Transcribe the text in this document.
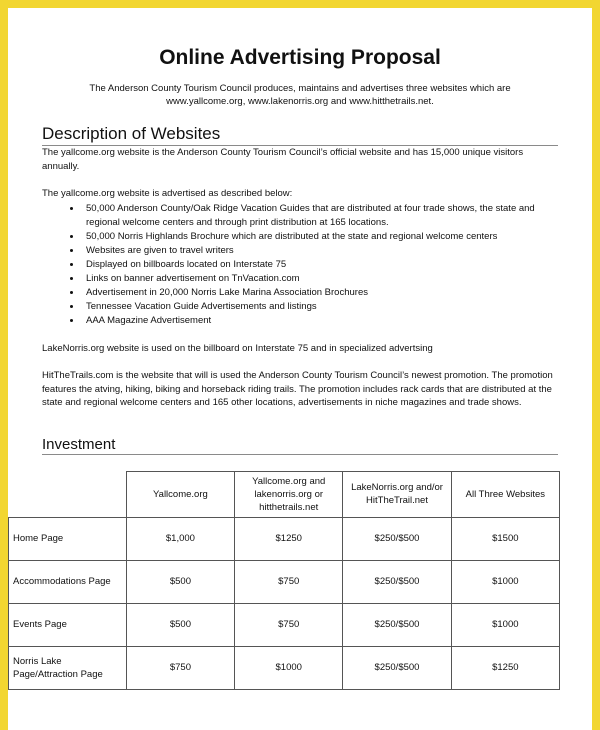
Online Advertising Proposal
The Anderson County Tourism Council produces, maintains and advertises three websites which are
www.yallcome.org, www.lakenorris.org and www.hitthetrails.net.
Description of Websites

The yallcome.org website is the Anderson County Tourism Council’s official website and has 15,000 unique visitors annually.

The yallcome.org website is advertised as described below:

• 50,000 Anderson County/Oak Ridge Vacation Guides that are distributed at four trade shows, the state and regional welcome centers and through print distribution at 165 locations.
• 50,000 Norris Highlands Brochure which are distributed at the state and regional welcome centers
• Websites are given to travel writers
• Displayed on billboards located on Interstate 75
• Links on banner advertisement on TnVacation.com
• Advertisement in 20,000 Norris Lake Marina Association Brochures
• Tennessee Vacation Guide Advertisements and listings
• AAA Magazine Advertisement

LakeNorris.org website is used on the billboard on Interstate 75 and in specialized advertsing

HitTheTrails.com is the website that will is used the Anderson County Tourism Council’s newest promotion. The promotion features the atving, hiking, biking and horseback riding trails. The promotion includes rack cards that are distributed at the state and regional welcome centers and 165 other locations, advertisements in niche magazines and trade shows.

Investment
	Yallcome.org	Yallcome.org and lakenorris.org or hitthetrails.net	LakeNorris.org and/or HitTheTrail.net	All Three Websites
Home Page	$1,000	$1250	$250/$500	$1500
Accommodations Page	$500	$750	$250/$500	$1000
Events Page	$500	$750	$250/$500	$1000
Norris Lake Page/Attraction Page	$750	$1000	$250/$500	$1250
